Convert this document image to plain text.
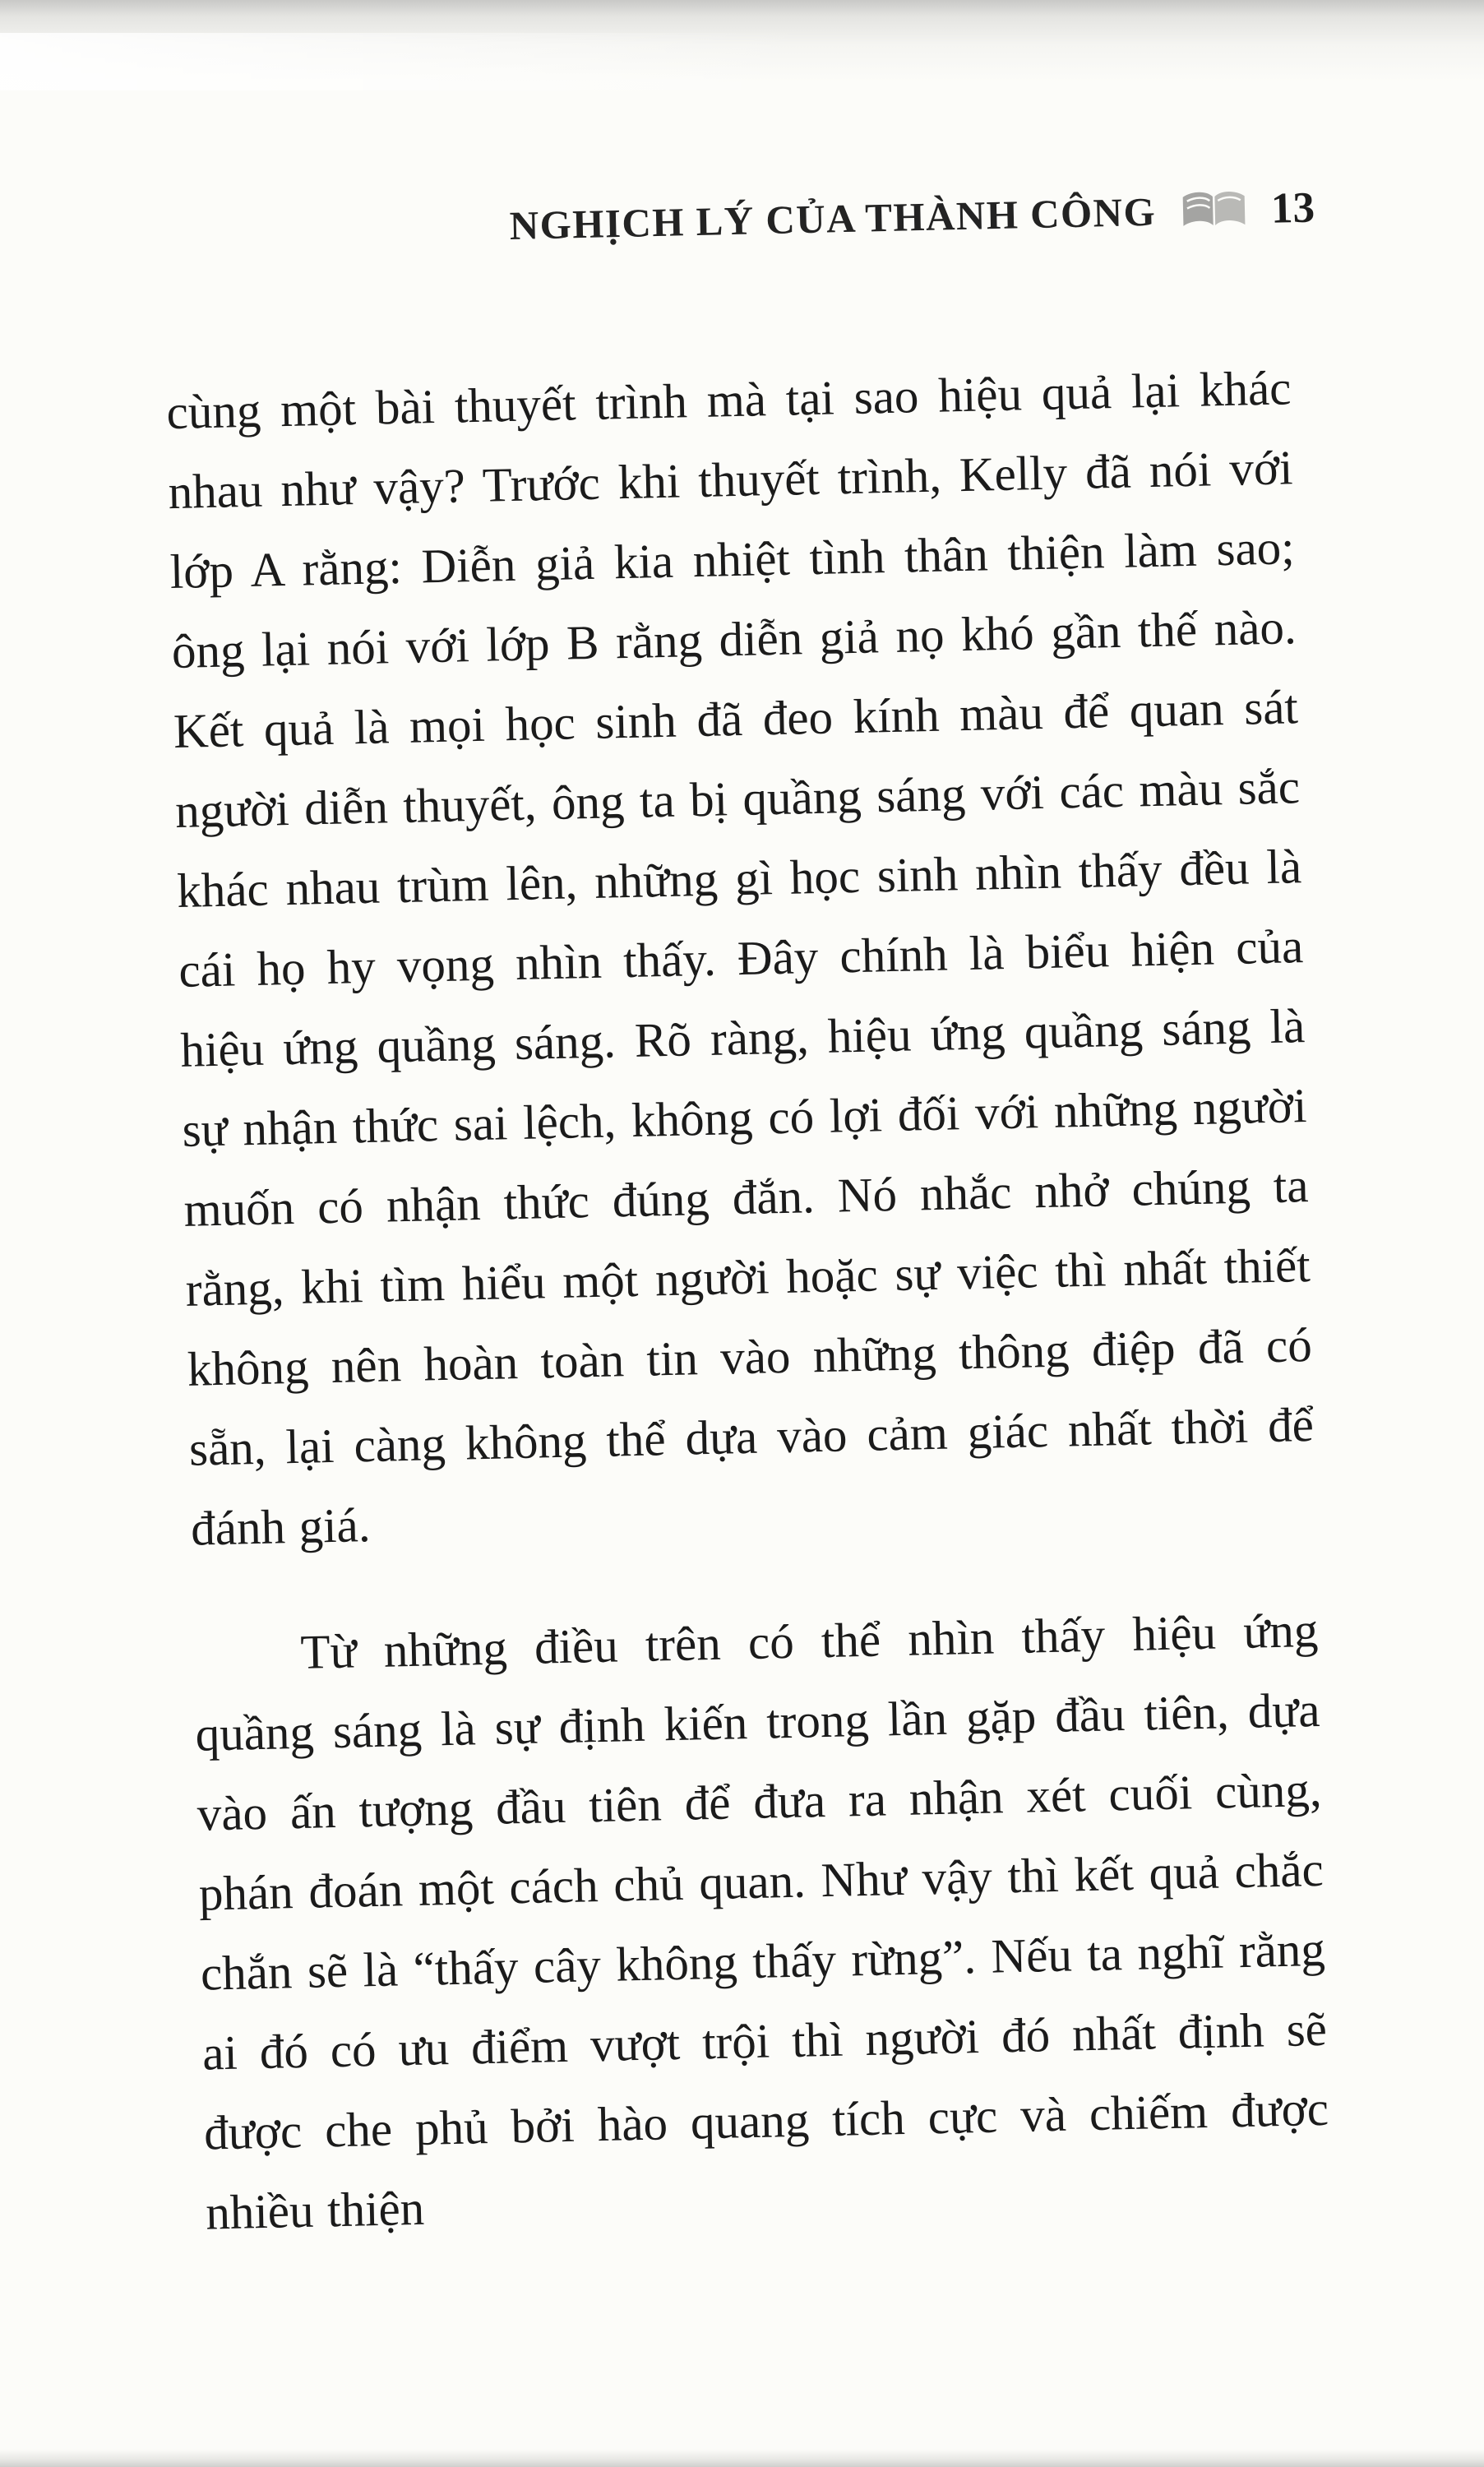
NGHỊCH LÝ CỦA THÀNH CÔNG	13

cùng một bài thuyết trình mà tại sao hiệu quả lại khác nhau như vậy? Trước khi thuyết trình, Kelly đã nói với lớp A rằng: Diễn giả kia nhiệt tình thân thiện làm sao; ông lại nói với lớp B rằng diễn giả nọ khó gần thế nào. Kết quả là mọi học sinh đã đeo kính màu để quan sát người diễn thuyết, ông ta bị quầng sáng với các màu sắc khác nhau trùm lên, những gì học sinh nhìn thấy đều là cái họ hy vọng nhìn thấy. Đây chính là biểu hiện của hiệu ứng quầng sáng. Rõ ràng, hiệu ứng quầng sáng là sự nhận thức sai lệch, không có lợi đối với những người muốn có nhận thức đúng đắn. Nó nhắc nhở chúng ta rằng, khi tìm hiểu một người hoặc sự việc thì nhất thiết không nên hoàn toàn tin vào những thông điệp đã có sẵn, lại càng không thể dựa vào cảm giác nhất thời để đánh giá.

Từ những điều trên có thể nhìn thấy hiệu ứng quầng sáng là sự định kiến trong lần gặp đầu tiên, dựa vào ấn tượng đầu tiên để đưa ra nhận xét cuối cùng, phán đoán một cách chủ quan. Như vậy thì kết quả chắc chắn sẽ là “thấy cây không thấy rừng”. Nếu ta nghĩ rằng ai đó có ưu điểm vượt trội thì người đó nhất định sẽ được che phủ bởi hào quang tích cực và chiếm được nhiều thiện
